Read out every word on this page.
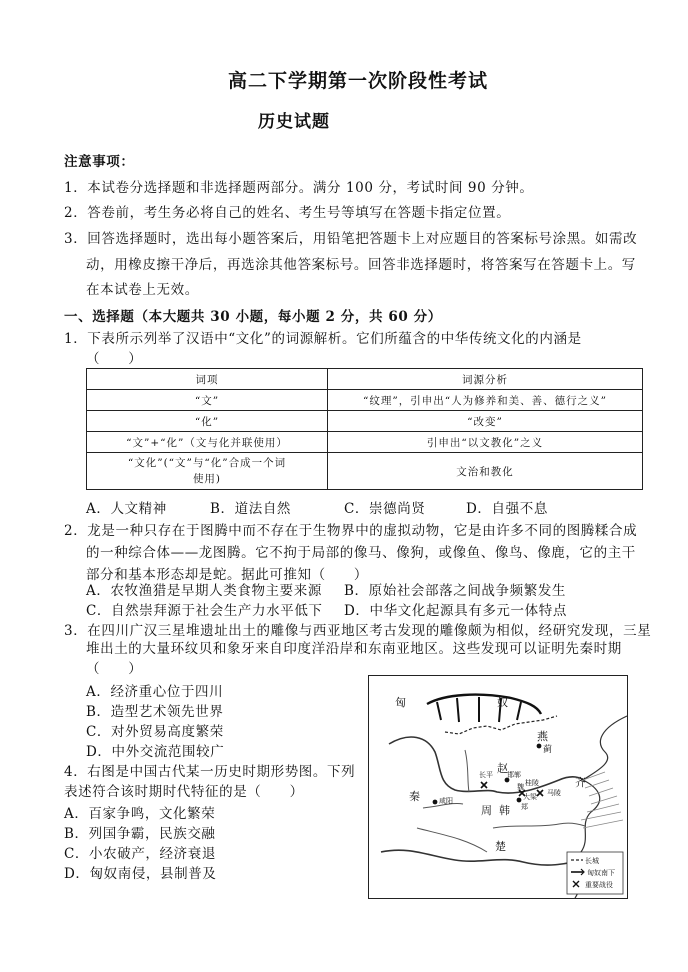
高二下学期第一次阶段性考试
历史试题
注意事项：
1．本试卷分选择题和非选择题两部分。满分 100 分，考试时间 90 分钟。
2．答卷前，考生务必将自己的姓名、考生号等填写在答题卡指定位置。
3．回答选择题时，选出每小题答案后，用铅笔把答题卡上对应题目的答案标号涂黑。如需改
动，用橡皮擦干净后，再选涂其他答案标号。回答非选择题时，将答案写在答题卡上。写
在本试卷上无效。
一、选择题（本大题共 30 小题，每小题 2 分，共 60 分）
1．下表所示列举了汉语中“文化”的词源解析。它们所蕴含的中华传统文化的内涵是
（　　）
词项	词源分析
“文”	“纹理”，引申出“人为修养和美、善、德行之义”
“化”	“改变”
“文”+“化”（文与化并联使用）	引申出“以文教化”之义

“文化”(“文”与“化”合成一个词
使用)	文治和教化
A．人文精神	B．道法自然	C．崇德尚贤	D．自强不息
2．龙是一种只存在于图腾中而不存在于生物界中的虚拟动物，它是由许多不同的图腾糅合成
的一种综合体——龙图腾。它不拘于局部的像马、像狗，或像鱼、像鸟、像鹿，它的主干
部分和基本形态却是蛇。据此可推知（　　）
A．农牧渔猎是早期人类食物主要来源 B．原始社会部落之间战争频繁发生
C．自然崇拜源于社会生产力水平低下 D．中华文化起源具有多元一体特点
3．在四川广汉三星堆遗址出土的雕像与西亚地区考古发现的雕像颇为相似，经研究发现，三星
堆出土的大量环纹贝和象牙来自印度洋沿岸和东南亚地区。这些发现可以证明先秦时期
（　　）
A．经济重心位于四川
B．造型艺术领先世界
C．对外贸易高度繁荣
D．中外交流范围较广
4．右图是中国古代某一历史时期形势图。下列
表述符合该时期时代特征的是（　　）
A．百家争鸣，文化繁荣
B．列国争霸，民族交融
C．小农破产，经济衰退
D．匈奴南侵，县制普及
匈	奴
燕
蓟
赵
长平 邯郸
齐
秦	咸阳
周 韩 郑
魏
大梁 马陵
楚
桂陵
长城
匈奴南下
重要战役
